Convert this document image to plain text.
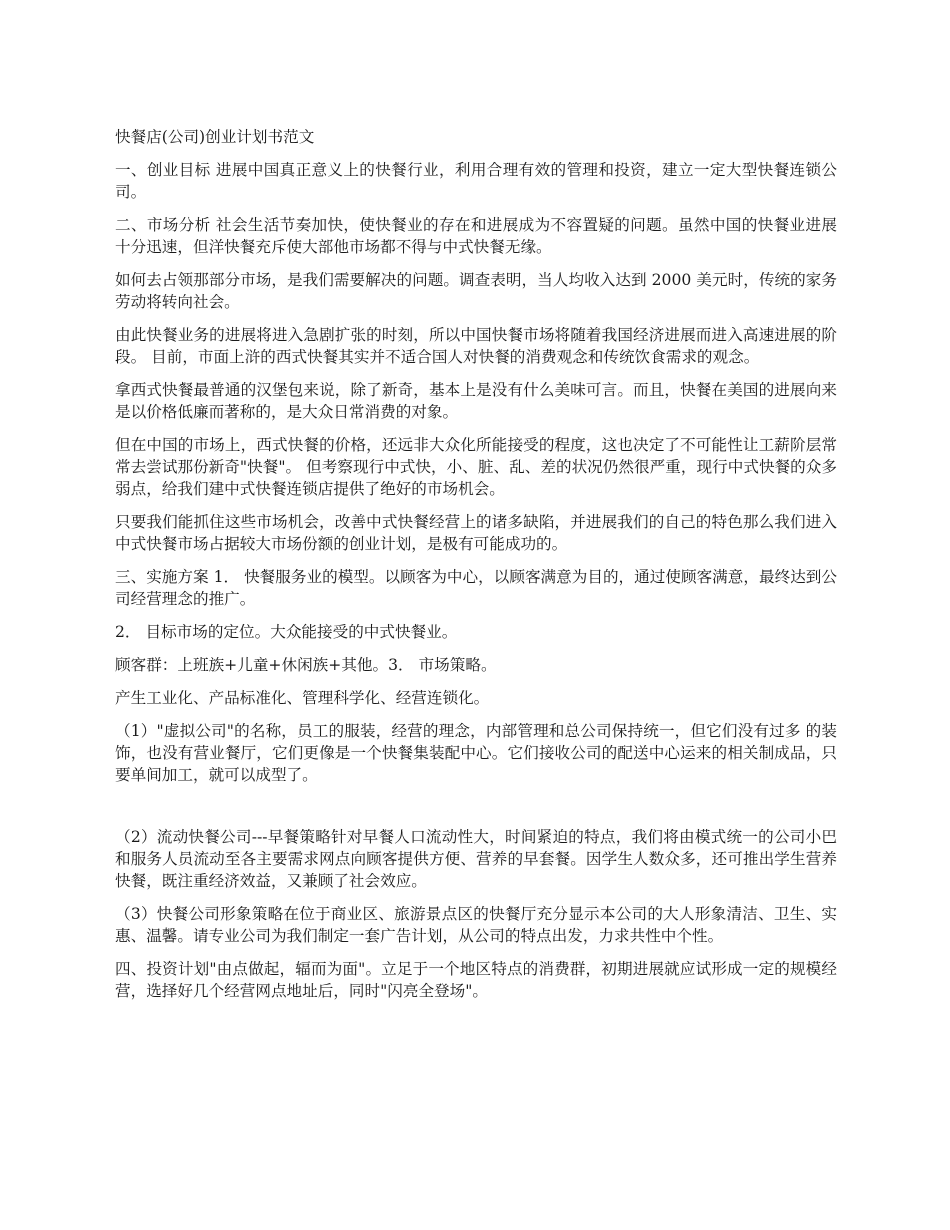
快餐店(公司)创业计划书范文

一、创业目标 进展中国真正意义上的快餐行业，利用合理有效的管理和投资，建立一定大型快餐连锁公司。

二、市场分析 社会生活节奏加快，使快餐业的存在和进展成为不容置疑的问题。虽然中国的快餐业进展十分迅速，但洋快餐充斥使大部他市场都不得与中式快餐无缘。

如何去占领那部分市场，是我们需要解决的问题。调查表明，当人均收入达到 2000 美元时，传统的家务劳动将转向社会。

由此快餐业务的进展将进入急剧扩张的时刻，所以中国快餐市场将随着我国经济进展而进入高速进展的阶段。 目前，市面上浒的西式快餐其实并不适合国人对快餐的消费观念和传统饮食需求的观念。

拿西式快餐最普通的汉堡包来说，除了新奇，基本上是没有什么美味可言。而且，快餐在美国的进展向来是以价格低廉而著称的，是大众日常消费的对象。

但在中国的市场上，西式快餐的价格，还远非大众化所能接受的程度，这也决定了不可能性让工薪阶层常常去尝试那份新奇"快餐"。 但考察现行中式快，小、脏、乱、差的状况仍然很严重，现行中式快餐的众多弱点，给我们建中式快餐连锁店提供了绝好的市场机会。

只要我们能抓住这些市场机会，改善中式快餐经营上的诸多缺陷，并进展我们的自己的特色那么我们进入中式快餐市场占据较大市场份额的创业计划，是极有可能成功的。

三、实施方案 1． 快餐服务业的模型。以顾客为中心，以顾客满意为目的，通过使顾客满意，最终达到公司经营理念的推广。

2． 目标市场的定位。大众能接受的中式快餐业。

顾客群：上班族+儿童+休闲族+其他。3． 市场策略。

产生工业化、产品标准化、管理科学化、经营连锁化。

（1）"虚拟公司"的名称，员工的服装，经营的理念，内部管理和总公司保持统一，但它们没有过多 的装饰，也没有营业餐厅，它们更像是一个快餐集装配中心。它们接收公司的配送中心运来的相关制成品，只要单间加工，就可以成型了。

（2）流动快餐公司---早餐策略针对早餐人口流动性大，时间紧迫的特点，我们将由模式统一的公司小巴和服务人员流动至各主要需求网点向顾客提供方便、营养的早套餐。因学生人数众多，还可推出学生营养快餐，既注重经济效益，又兼顾了社会效应。

（3）快餐公司形象策略在位于商业区、旅游景点区的快餐厅充分显示本公司的大人形象清洁、卫生、实惠、温馨。请专业公司为我们制定一套广告计划，从公司的特点出发，力求共性中个性。

四、投资计划"由点做起，辐而为面"。立足于一个地区特点的消费群，初期进展就应试形成一定的规模经营，选择好几个经营网点地址后，同时"闪亮全登场"。
